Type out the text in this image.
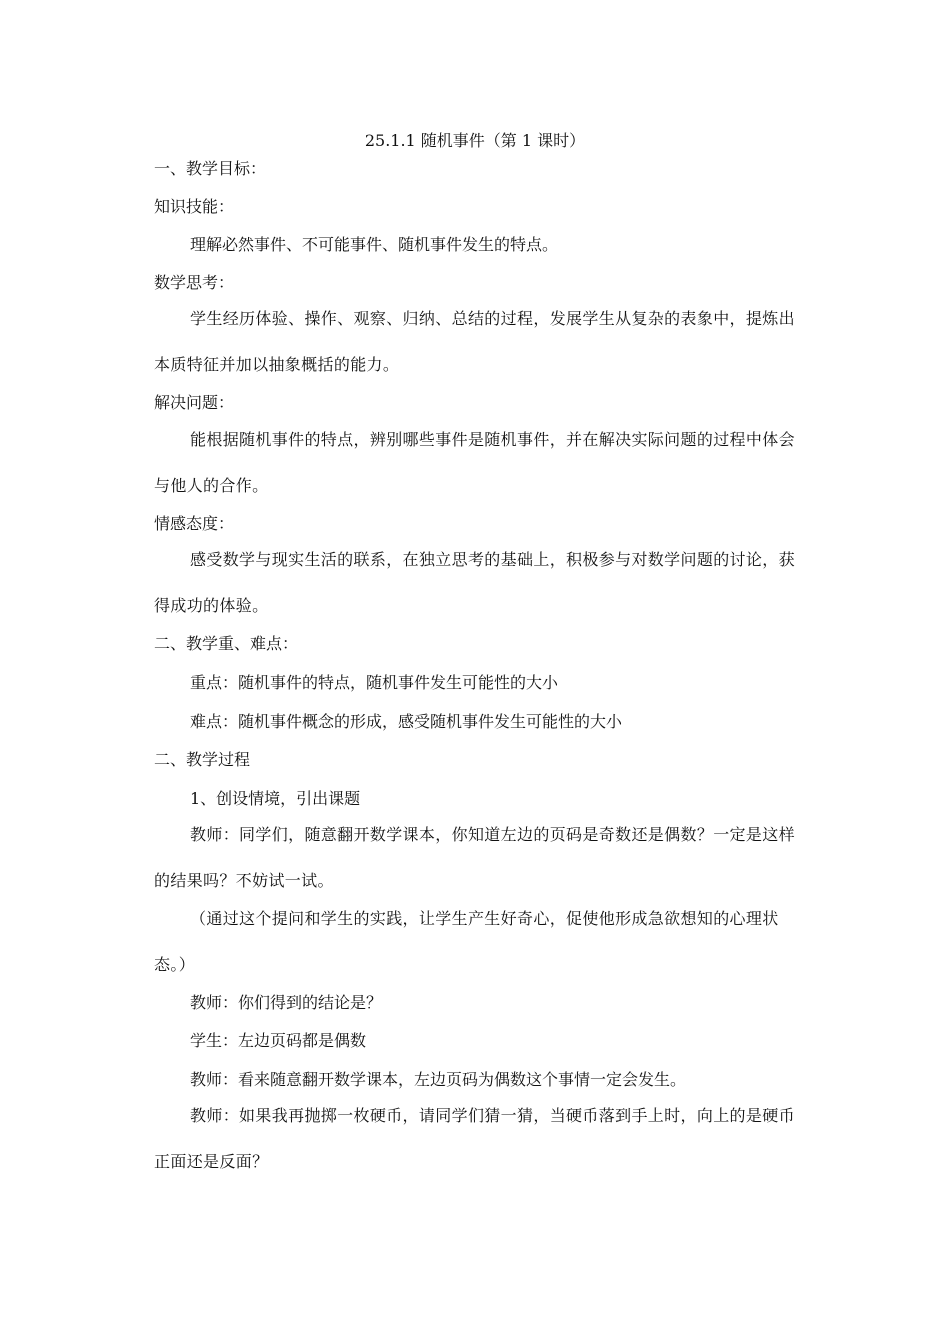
25.1.1 随机事件（第 1 课时）
一、教学目标：
知识技能：
理解必然事件、不可能事件、随机事件发生的特点。
数学思考：
学生经历体验、操作、观察、归纳、总结的过程，发展学生从复杂的表象中，提炼出本质特征并加以抽象概括的能力。
解决问题：
能根据随机事件的特点，辨别哪些事件是随机事件，并在解决实际问题的过程中体会与他人的合作。
情感态度：
感受数学与现实生活的联系，在独立思考的基础上，积极参与对数学问题的讨论，获得成功的体验。
二、教学重、难点：
重点：随机事件的特点，随机事件发生可能性的大小
难点：随机事件概念的形成，感受随机事件发生可能性的大小
二、教学过程
1、创设情境，引出课题
教师：同学们，随意翻开数学课本，你知道左边的页码是奇数还是偶数？一定是这样的结果吗？不妨试一试。
（通过这个提问和学生的实践，让学生产生好奇心，促使他形成急欲想知的心理状态。）
教师：你们得到的结论是？
学生：左边页码都是偶数
教师：看来随意翻开数学课本，左边页码为偶数这个事情一定会发生。
教师：如果我再抛掷一枚硬币，请同学们猜一猜，当硬币落到手上时，向上的是硬币正面还是反面？
